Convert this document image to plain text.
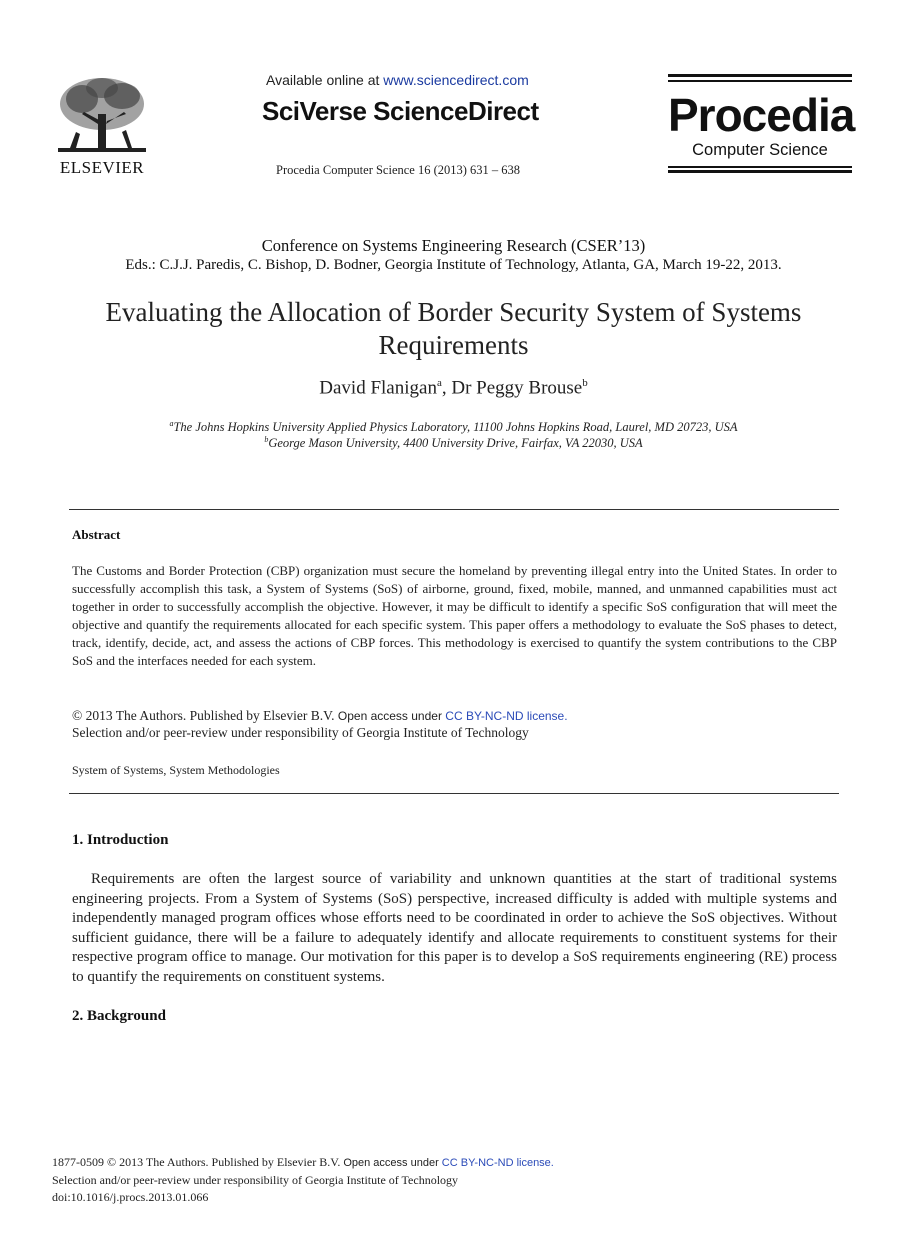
ELSEVIER
Available online at www.sciencedirect.com
SciVerse ScienceDirect
Procedia Computer Science 16 (2013) 631 – 638
Procedia
Computer Science
Conference on Systems Engineering Research (CSER’13)
Eds.: C.J.J. Paredis, C. Bishop, D. Bodner, Georgia Institute of Technology, Atlanta, GA, March 19-22, 2013.
Evaluating the Allocation of Border Security System of Systems
Requirements
David Flanigan$^a$, Dr Peggy Brouse$^b$
$^a$The Johns Hopkins University Applied Physics Laboratory, 11100 Johns Hopkins Road, Laurel, MD 20723, USA
$^b$George Mason University, 4400 University Drive, Fairfax, VA 22030, USA
Abstract
The Customs and Border Protection (CBP) organization must secure the homeland by preventing illegal entry into the United States. In order to successfully accomplish this task, a System of Systems (SoS) of airborne, ground, fixed, mobile, manned, and unmanned capabilities must act together in order to successfully accomplish the objective. However, it may be difficult to identify a specific SoS configuration that will meet the objective and quantify the requirements allocated for each specific system. This paper offers a methodology to evaluate the SoS phases to detect, track, identify, decide, act, and assess the actions of CBP forces. This methodology is exercised to quantify the system contributions to the CBP SoS and the interfaces needed for each system.
© 2013 The Authors. Published by Elsevier B.V. Open access under CC BY-NC-ND license.
Selection and/or peer-review under responsibility of Georgia Institute of Technology
System of Systems, System Methodologies
1. Introduction
Requirements are often the largest source of variability and unknown quantities at the start of traditional systems engineering projects. From a System of Systems (SoS) perspective, increased difficulty is added with multiple systems and independently managed program offices whose efforts need to be coordinated in order to achieve the SoS objectives. Without sufficient guidance, there will be a failure to adequately identify and allocate requirements to constituent systems for their respective program office to manage. Our motivation for this paper is to develop a SoS requirements engineering (RE) process to quantify the requirements on constituent systems.
2. Background
1877-0509 © 2013 The Authors. Published by Elsevier B.V. Open access under CC BY-NC-ND license.
Selection and/or peer-review under responsibility of Georgia Institute of Technology
doi:10.1016/j.procs.2013.01.066
